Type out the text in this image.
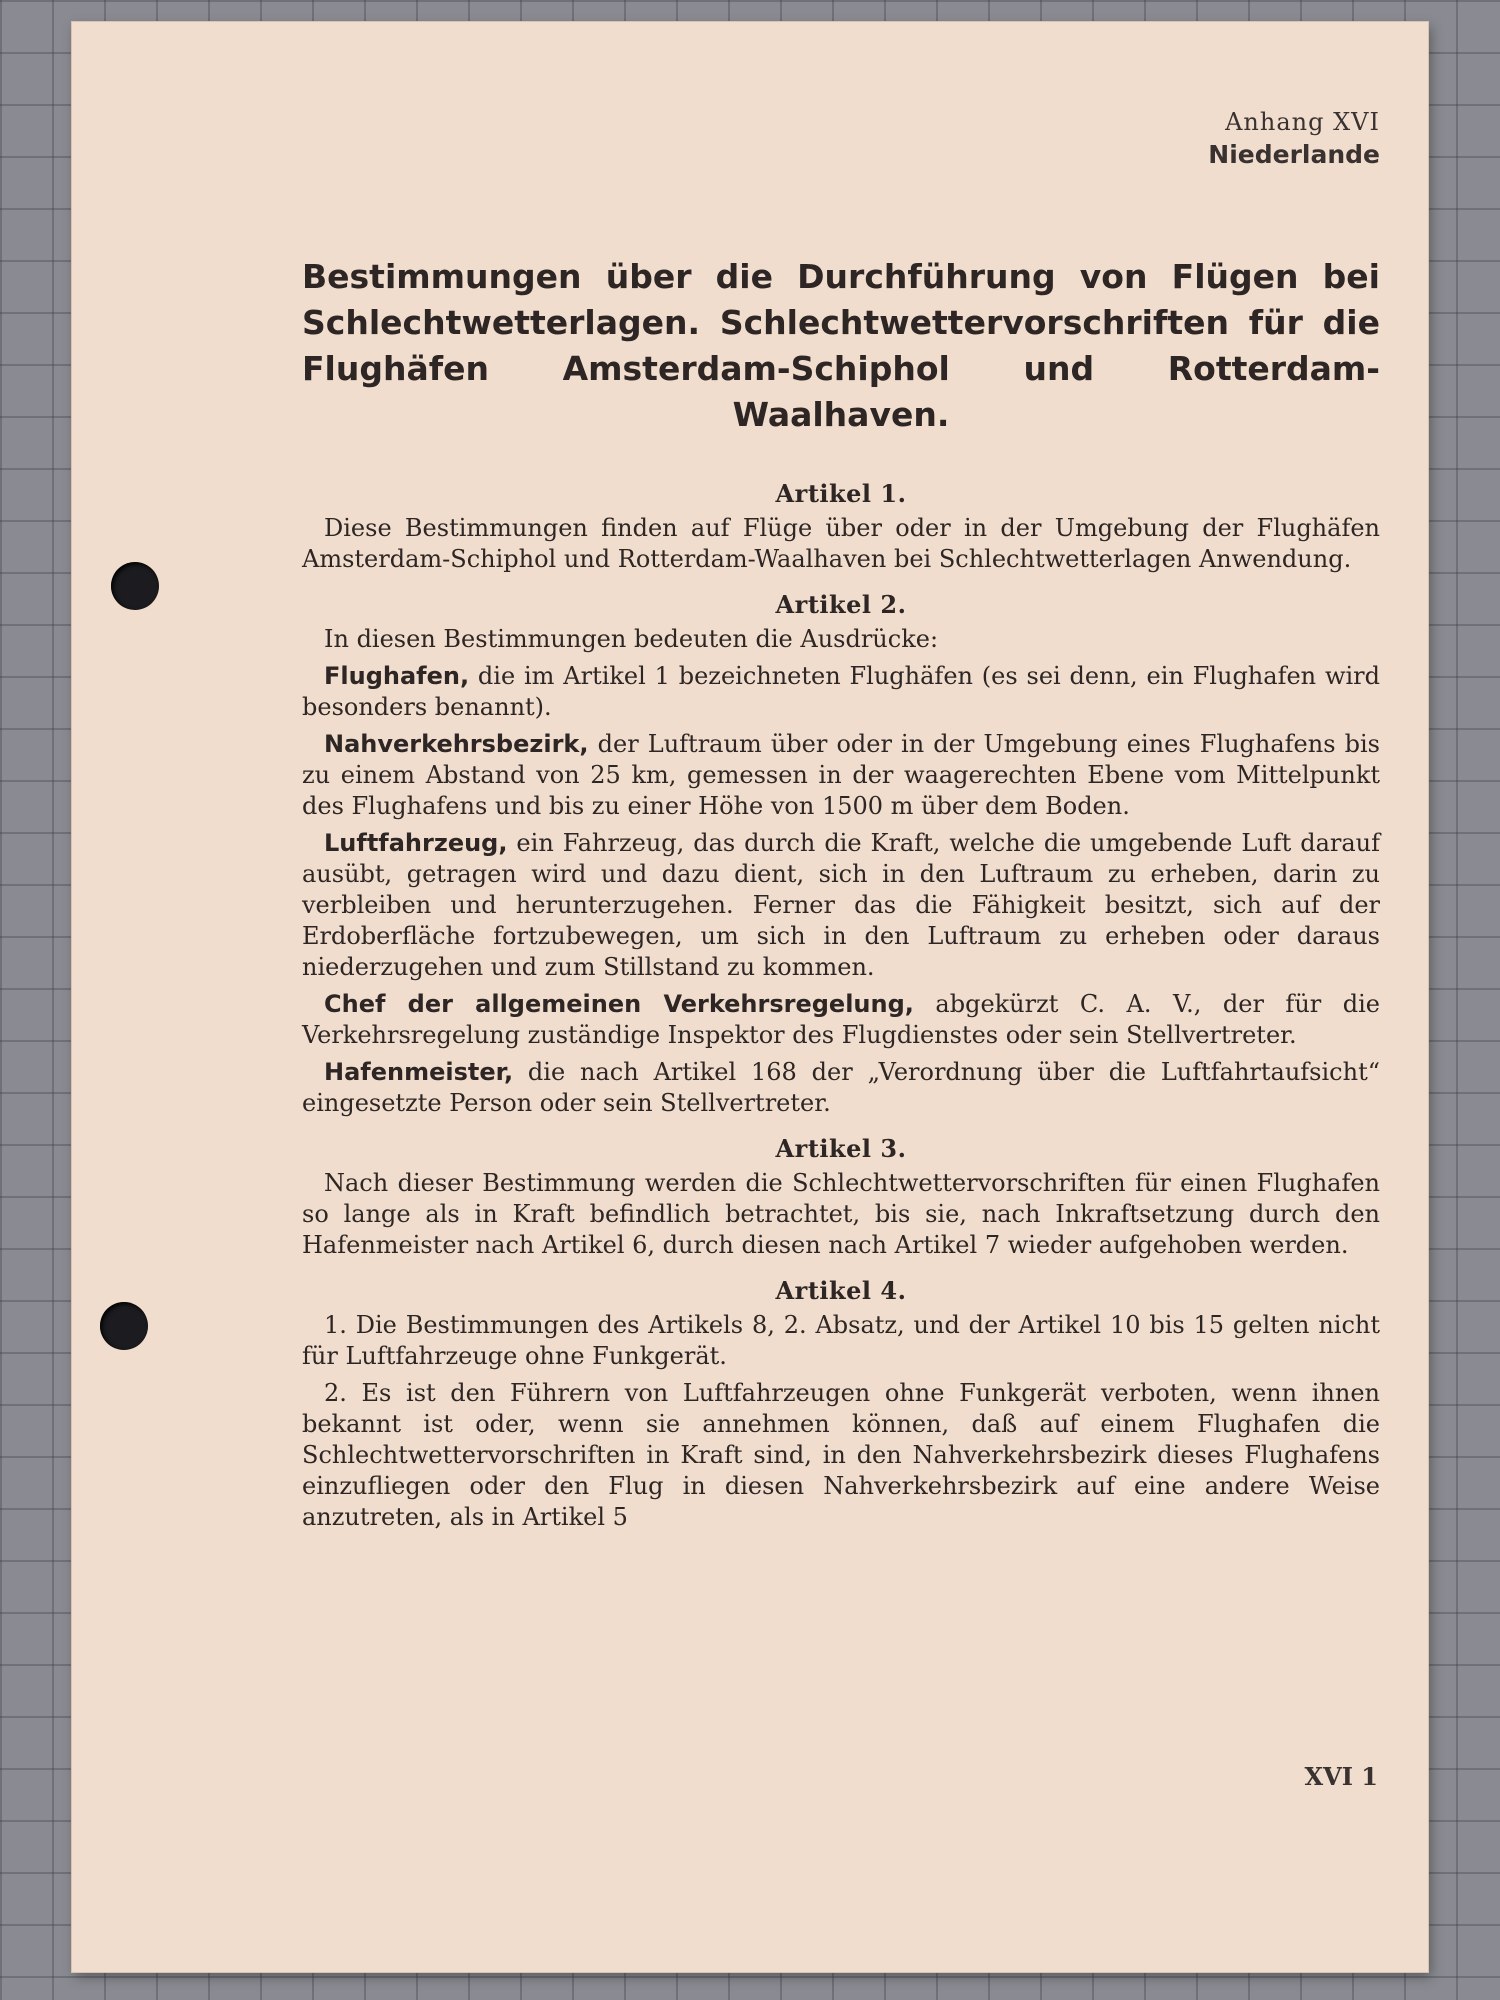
Anhang XVI
Niederlande
Bestimmungen über die Durchführung von Flügen bei Schlechtwetterlagen. Schlechtwettervorschriften für die Flughäfen Amsterdam-Schiphol und Rotterdam-Waalhaven.
Artikel 1.

Diese Bestimmungen finden auf Flüge über oder in der Umgebung der Flughäfen Amsterdam-Schiphol und Rotterdam-Waalhaven bei Schlechtwetterlagen Anwendung.

Artikel 2.

In diesen Bestimmungen bedeuten die Ausdrücke:

Flughafen, die im Artikel 1 bezeichneten Flughäfen (es sei denn, ein Flughafen wird besonders benannt).

Nahverkehrsbezirk, der Luftraum über oder in der Umgebung eines Flughafens bis zu einem Abstand von 25 km, gemessen in der waagerechten Ebene vom Mittelpunkt des Flughafens und bis zu einer Höhe von 1500 m über dem Boden.

Luftfahrzeug, ein Fahrzeug, das durch die Kraft, welche die umgebende Luft darauf ausübt, getragen wird und dazu dient, sich in den Luftraum zu erheben, darin zu verbleiben und herunterzugehen. Ferner das die Fähigkeit besitzt, sich auf der Erdoberfläche fortzubewegen, um sich in den Luftraum zu erheben oder daraus niederzugehen und zum Stillstand zu kommen.

Chef der allgemeinen Verkehrsregelung, abgekürzt C. A. V., der für die Verkehrsregelung zuständige Inspektor des Flugdienstes oder sein Stellvertreter.

Hafenmeister, die nach Artikel 168 der „Verordnung über die Luftfahrtaufsicht“ eingesetzte Person oder sein Stellvertreter.

Artikel 3.

Nach dieser Bestimmung werden die Schlechtwettervorschriften für einen Flughafen so lange als in Kraft befindlich betrachtet, bis sie, nach Inkraftsetzung durch den Hafenmeister nach Artikel 6, durch diesen nach Artikel 7 wieder aufgehoben werden.

Artikel 4.

1. Die Bestimmungen des Artikels 8, 2. Absatz, und der Artikel 10 bis 15 gelten nicht für Luftfahrzeuge ohne Funkgerät.

2. Es ist den Führern von Luftfahrzeugen ohne Funkgerät verboten, wenn ihnen bekannt ist oder, wenn sie annehmen können, daß auf einem Flughafen die Schlechtwettervorschriften in Kraft sind, in den Nahverkehrsbezirk dieses Flughafens einzufliegen oder den Flug in diesen Nahverkehrsbezirk auf eine andere Weise anzutreten, als in Artikel 5

XVI 1
